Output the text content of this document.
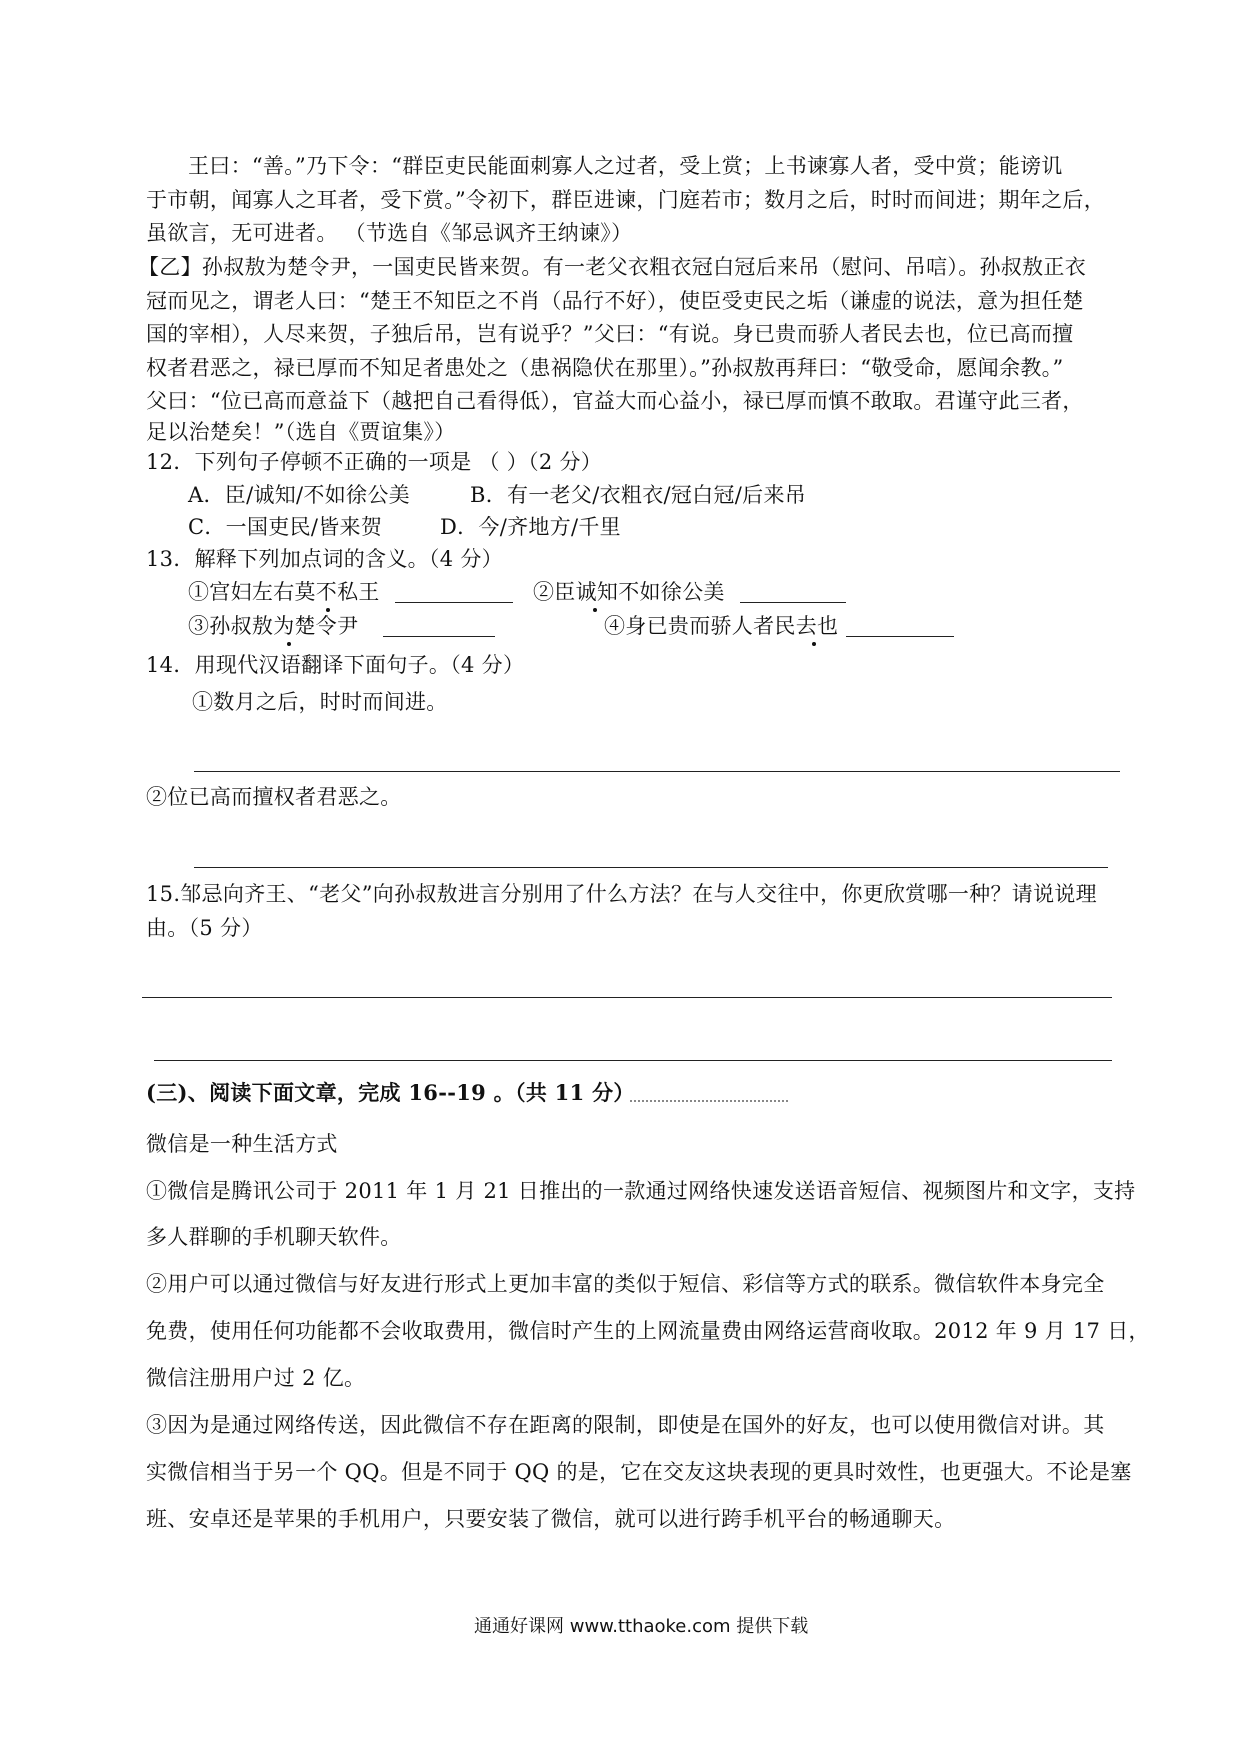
王曰：“善。”乃下令：“群臣吏民能面刺寡人之过者，受上赏；上书谏寡人者，受中赏；能谤讥
于市朝，闻寡人之耳者，受下赏。”令初下，群臣进谏，门庭若市；数月之后，时时而间进；期年之后，
虽欲言，无可进者。 （节选自《邹忌讽齐王纳谏》）
【乙】孙叔敖为楚令尹，一国吏民皆来贺。有一老父衣粗衣冠白冠后来吊（慰问、吊唁）。孙叔敖正衣
冠而见之，谓老人曰：“楚王不知臣之不肖（品行不好），使臣受吏民之垢（谦虚的说法，意为担任楚
国的宰相），人尽来贺，子独后吊，岂有说乎？”父曰：“有说。身已贵而骄人者民去也，位已高而擅
权者君恶之，禄已厚而不知足者患处之（患祸隐伏在那里）。”孙叔敖再拜曰：“敬受命，愿闻余教。”
父曰：“位已高而意益下（越把自己看得低），官益大而心益小，禄已厚而慎不敢取。君谨守此三者，
足以治楚矣！”（选自《贾谊集》）
12．下列句子停顿不正确的一项是 （ ）（2 分）
A．臣/诚知/不如徐公美	B．有一老父/衣粗衣/冠白冠/后来吊
C．一国吏民/皆来贺	D．今/齐地方/千里
13．解释下列加点词的含义。（4 分）
①宫妇左右莫不私王	②臣诚知不如徐公美
③孙叔敖为楚令尹	④身已贵而骄人者民去也
14．用现代汉语翻译下面句子。（4 分）
①数月之后，时时而间进。
②位已高而擅权者君恶之。
15.邹忌向齐王、“老父”向孙叔敖进言分别用了什么方法？在与人交往中，你更欣赏哪一种？请说说理
由。（5 分）
(三)、阅读下面文章，完成 16--19 。（共 11 分）
微信是一种生活方式
①微信是腾讯公司于 2011 年 1 月 21 日推出的一款通过网络快速发送语音短信、视频图片和文字，支持
多人群聊的手机聊天软件。
②用户可以通过微信与好友进行形式上更加丰富的类似于短信、彩信等方式的联系。微信软件本身完全
免费，使用任何功能都不会收取费用，微信时产生的上网流量费由网络运营商收取。2012 年 9 月 17 日，
微信注册用户过 2 亿。
③因为是通过网络传送，因此微信不存在距离的限制，即使是在国外的好友，也可以使用微信对讲。其
实微信相当于另一个 QQ。但是不同于 QQ 的是，它在交友这块表现的更具时效性，也更强大。不论是塞
班、安卓还是苹果的手机用户，只要安装了微信，就可以进行跨手机平台的畅通聊天。
通通好课网 www.tthaoke.com 提供下载
